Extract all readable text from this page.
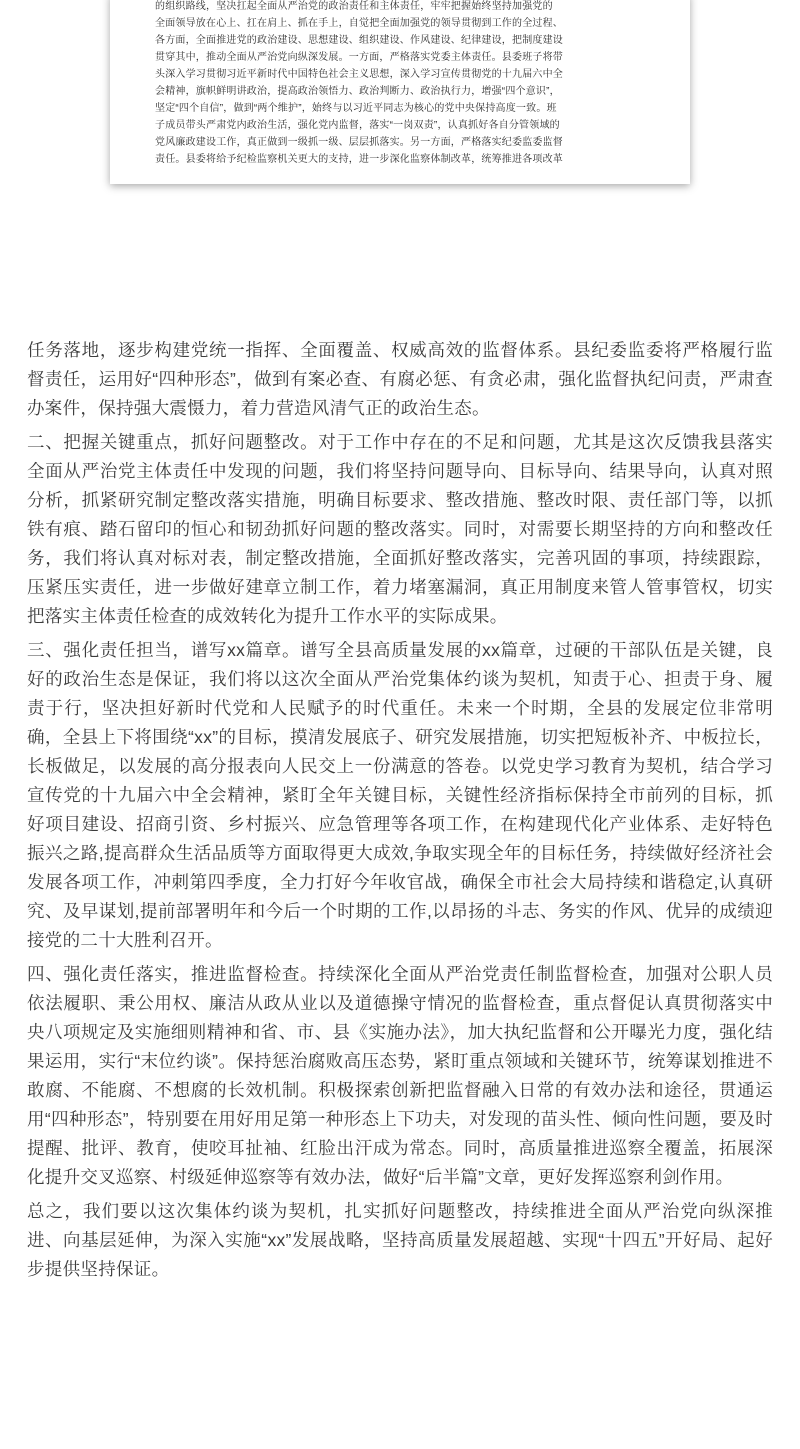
的组织路线，坚决扛起全面从严治党的政治责任和主体责任，牢牢把握始终坚持加强党的

全面领导放在心上、扛在肩上、抓在手上，自觉把全面加强党的领导贯彻到工作的全过程、

各方面，全面推进党的政治建设、思想建设、组织建设、作风建设、纪律建设，把制度建设

贯穿其中，推动全面从严治党向纵深发展。一方面，严格落实党委主体责任。县委班子将带

头深入学习贯彻习近平新时代中国特色社会主义思想，深入学习宣传贯彻党的十九届六中全

会精神，旗帜鲜明讲政治，提高政治领悟力、政治判断力、政治执行力，增强“四个意识”，

坚定“四个自信”，做到“两个维护”，始终与以习近平同志为核心的党中央保持高度一致。班

子成员带头严肃党内政治生活，强化党内监督，落实“一岗双责”，认真抓好各自分管领域的

党风廉政建设工作，真正做到一级抓一级、层层抓落实。另一方面，严格落实纪委监委监督

责任。县委将给予纪检监察机关更大的支持，进一步深化监察体制改革，统筹推进各项改革

任务落地，逐步构建党统一指挥、全面覆盖、权威高效的监督体系。县纪委监委将严格履行监督责任，运用好“四种形态”，做到有案必查、有腐必惩、有贪必肃，强化监督执纪问责，严肃查办案件，保持强大震慑力，着力营造风清气正的政治生态。

二、把握关键重点，抓好问题整改。对于工作中存在的不足和问题，尤其是这次反馈我县落实全面从严治党主体责任中发现的问题，我们将坚持问题导向、目标导向、结果导向，认真对照分析，抓紧研究制定整改落实措施，明确目标要求、整改措施、整改时限、责任部门等，以抓铁有痕、踏石留印的恒心和韧劲抓好问题的整改落实。同时，对需要长期坚持的方向和整改任务，我们将认真对标对表，制定整改措施，全面抓好整改落实，完善巩固的事项，持续跟踪，压紧压实责任，进一步做好建章立制工作，着力堵塞漏洞，真正用制度来管人管事管权，切实把落实主体责任检查的成效转化为提升工作水平的实际成果。

三、强化责任担当，谱写xx篇章。谱写全县高质量发展的xx篇章，过硬的干部队伍是关键，良好的政治生态是保证，我们将以这次全面从严治党集体约谈为契机，知责于心、担责于身、履责于行，坚决担好新时代党和人民赋予的时代重任。未来一个时期，全县的发展定位非常明确，全县上下将围绕“xx”的目标，摸清发展底子、研究发展措施，切实把短板补齐、中板拉长，长板做足，以发展的高分报表向人民交上一份满意的答卷。以党史学习教育为契机，结合学习宣传党的十九届六中全会精神，紧盯全年关键目标，关键性经济指标保持全市前列的目标，抓好项目建设、招商引资、乡村振兴、应急管理等各项工作，在构建现代化产业体系、走好特色振兴之路,提高群众生活品质等方面取得更大成效,争取实现全年的目标任务，持续做好经济社会发展各项工作，冲刺第四季度，全力打好今年收官战，确保全市社会大局持续和谐稳定,认真研究、及早谋划,提前部署明年和今后一个时期的工作,以昂扬的斗志、务实的作风、优异的成绩迎接党的二十大胜利召开。

四、强化责任落实，推进监督检查。持续深化全面从严治党责任制监督检查，加强对公职人员依法履职、秉公用权、廉洁从政从业以及道德操守情况的监督检查，重点督促认真贯彻落实中央八项规定及实施细则精神和省、市、县《实施办法》，加大执纪监督和公开曝光力度，强化结果运用，实行“末位约谈”。保持惩治腐败高压态势，紧盯重点领域和关键环节，统筹谋划推进不敢腐、不能腐、不想腐的长效机制。积极探索创新把监督融入日常的有效办法和途径，贯通运用“四种形态”，特别要在用好用足第一种形态上下功夫，对发现的苗头性、倾向性问题，要及时提醒、批评、教育，使咬耳扯袖、红脸出汗成为常态。同时，高质量推进巡察全覆盖，拓展深化提升交叉巡察、村级延伸巡察等有效办法，做好“后半篇”文章，更好发挥巡察利剑作用。

总之，我们要以这次集体约谈为契机，扎实抓好问题整改，持续推进全面从严治党向纵深推进、向基层延伸，为深入实施“xx”发展战略，坚持高质量发展超越、实现“十四五”开好局、起好步提供坚持保证。
